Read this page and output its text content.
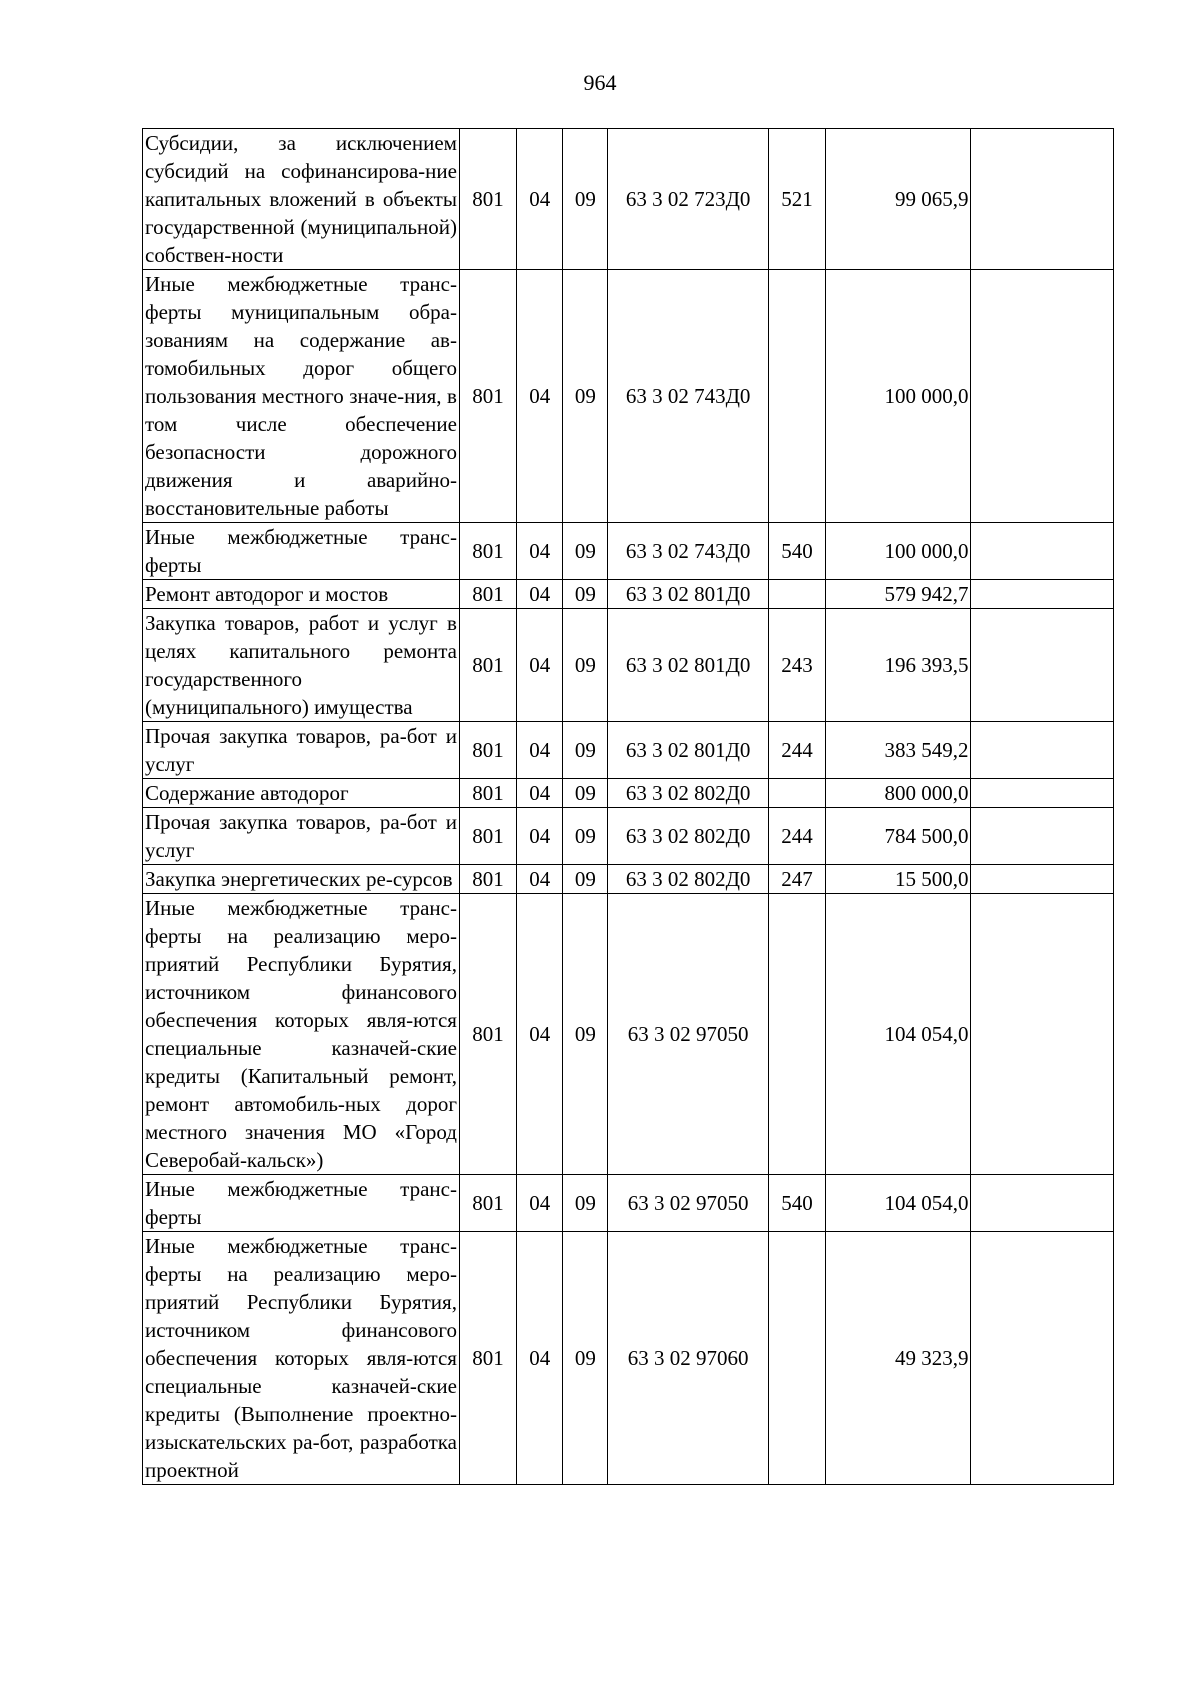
964
Субсидии, за исключением субсидий на софинансирова-ние капитальных вложений в объекты государственной (муниципальной) собствен-ности	801	04	09	63 3 02 723Д0	521	99 065,9	
Иные межбюджетные транс-ферты муниципальным обра-зованиям на содержание ав-томобильных дорог общего пользования местного значе-ния, в том числе обеспечение безопасности дорожного движения и аварийно-восстановительные работы	801	04	09	63 3 02 743Д0		100 000,0	
Иные межбюджетные транс-ферты	801	04	09	63 3 02 743Д0	540	100 000,0	
Ремонт автодорог и мостов	801	04	09	63 3 02 801Д0		579 942,7	
Закупка товаров, работ и услуг в целях капитального ремонта государственного (муниципального) имущества	801	04	09	63 3 02 801Д0	243	196 393,5	
Прочая закупка товаров, ра-бот и услуг	801	04	09	63 3 02 801Д0	244	383 549,2	
Содержание автодорог	801	04	09	63 3 02 802Д0		800 000,0	
Прочая закупка товаров, ра-бот и услуг	801	04	09	63 3 02 802Д0	244	784 500,0	
Закупка энергетических ре-сурсов	801	04	09	63 3 02 802Д0	247	15 500,0	
Иные межбюджетные транс-ферты на реализацию меро-приятий Республики Бурятия, источником финансового обеспечения которых явля-ются специальные казначей-ские кредиты (Капитальный ремонт, ремонт автомобиль-ных дорог местного значения МО «Город Северобай-кальск»)	801	04	09	63 3 02 97050		104 054,0	
Иные межбюджетные транс-ферты	801	04	09	63 3 02 97050	540	104 054,0	
Иные межбюджетные транс-ферты на реализацию меро-приятий Республики Бурятия, источником финансового обеспечения которых явля-ются специальные казначей-ские кредиты (Выполнение проектно-изыскательских ра-бот, разработка проектной	801	04	09	63 3 02 97060		49 323,9	
